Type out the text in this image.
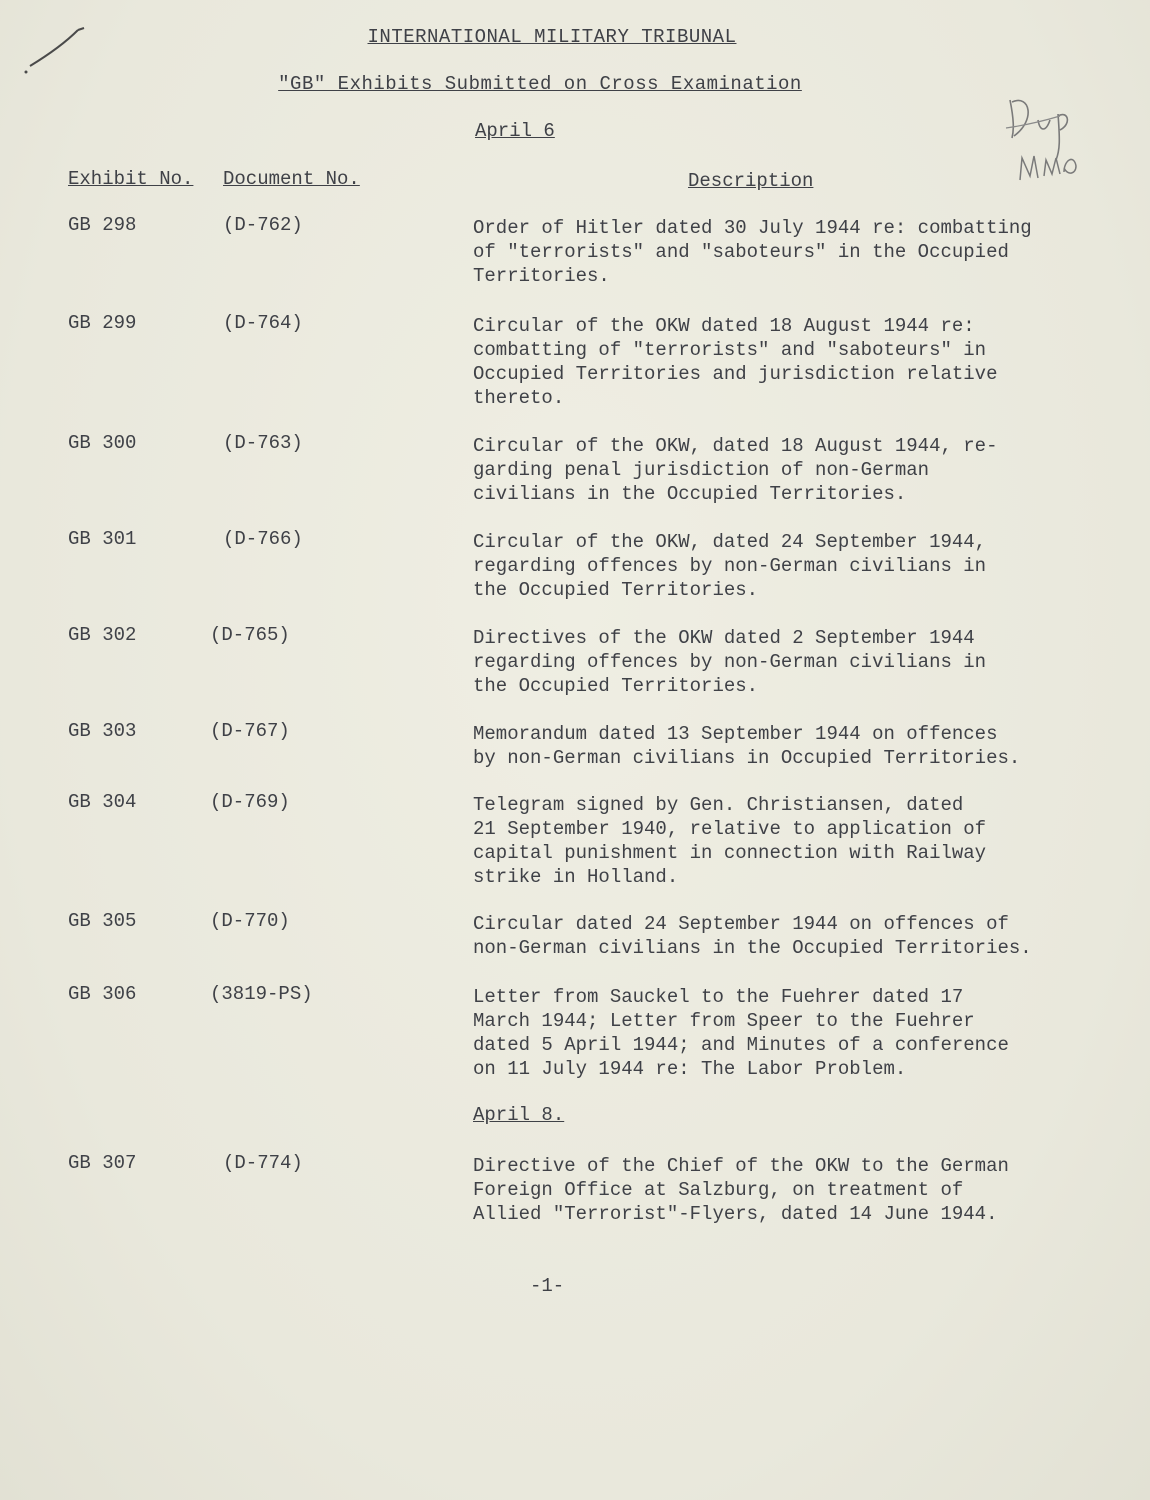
INTERNATIONAL MILITARY TRIBUNAL
"GB" Exhibits Submitted on Cross Examination
April 6
Exhibit No. Document No.	Description
GB 298	(D-762)	Order of Hitler dated 30 July 1944 re: combatting
of "terrorists" and "saboteurs" in the Occupied
Territories.
GB 299	(D-764)	Circular of the OKW dated 18 August 1944 re:
combatting of "terrorists" and "saboteurs" in
Occupied Territories and jurisdiction relative
thereto.
GB 300	(D-763)	Circular of the OKW, dated 18 August 1944, re-
garding penal jurisdiction of non-German
civilians in the Occupied Territories.
GB 301	(D-766)	Circular of the OKW, dated 24 September 1944,
regarding offences by non-German civilians in
the Occupied Territories.
GB 302	(D-765)	Directives of the OKW dated 2 September 1944
regarding offences by non-German civilians in
the Occupied Territories.
GB 303	(D-767)	Memorandum dated 13 September 1944 on offences
by non-German civilians in Occupied Territories.
GB 304	(D-769)	Telegram signed by Gen. Christiansen, dated
21 September 1940, relative to application of
capital punishment in connection with Railway
strike in Holland.
GB 305	(D-770)	Circular dated 24 September 1944 on offences of
non-German civilians in the Occupied Territories.
GB 306	(3819-PS)	Letter from Sauckel to the Fuehrer dated 17
March 1944; Letter from Speer to the Fuehrer
dated 5 April 1944; and Minutes of a conference
on 11 July 1944 re: The Labor Problem.
April 8.
GB 307	(D-774)	Directive of the Chief of the OKW to the German
Foreign Office at Salzburg, on treatment of
Allied "Terrorist"-Flyers, dated 14 June 1944.
-1-
